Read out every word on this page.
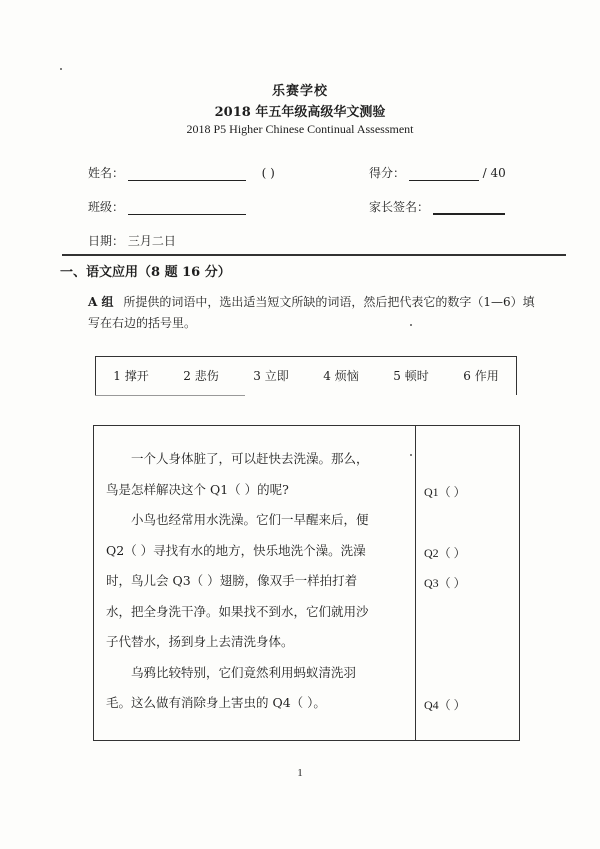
乐赛学校
2018 年五年级高级华文测验
2018 P5 Higher Chinese Continual Assessment
姓名：	( )	得分：	/ 40
班级：	家长签名：
日期： 三月二日
一、语文应用（8 题 16 分）
A 组 所提供的词语中，选出适当短文所缺的词语，然后把代表它的数字（1—6）填写在右边的括号里。
1 撑开	2 悲伤	3 立即	4 烦恼	5 顿时	6 作用

一个人身体脏了，可以赶快去洗澡。那么，

鸟是怎样解决这个 Q1（ ）的呢?

小鸟也经常用水洗澡。它们一早醒来后，便

Q2（ ）寻找有水的地方，快乐地洗个澡。洗澡

时，鸟儿会 Q3（ ）翅膀，像双手一样拍打着

水，把全身洗干净。如果找不到水，它们就用沙

子代替水，扬到身上去清洗身体。

乌鸦比较特别，它们竟然利用蚂蚁清洗羽

毛。这么做有消除身上害虫的 Q4（ ）。

Q1（ ）
Q2（ ）
Q3（ ）
Q4（ ）
1
